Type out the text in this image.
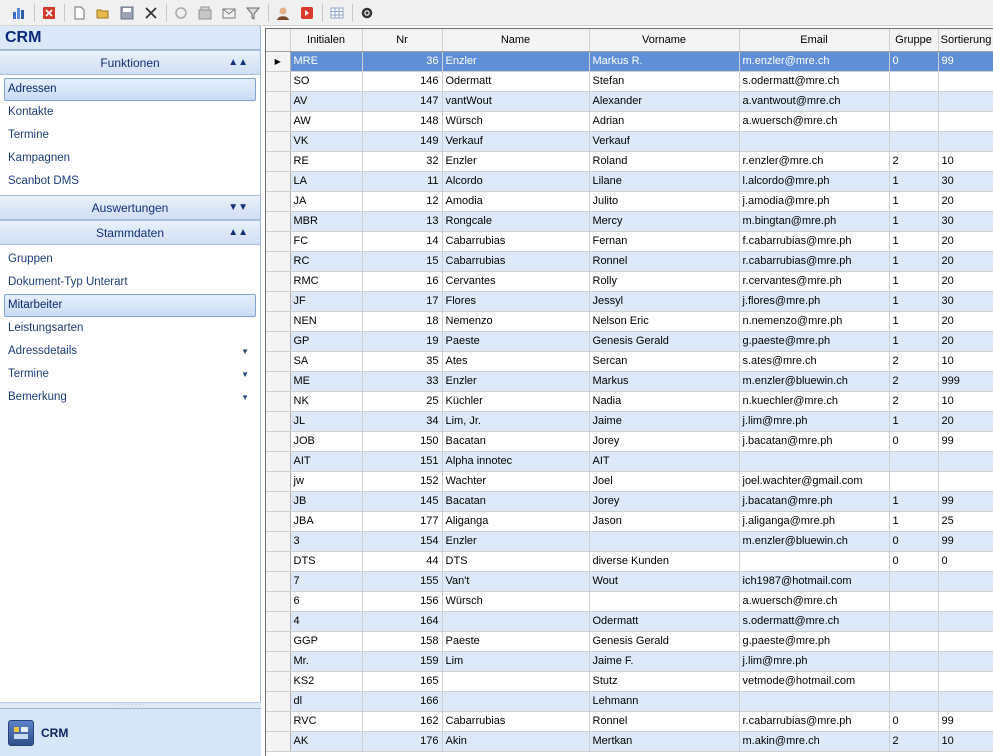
CRM
Funktionen	▲▲
Adressen
Kontakte
Termine
Kampagnen
Scanbot DMS
Auswertungen	▼▼
Stammdaten	▲▲
Gruppen
Dokument-Typ Unterart
Mitarbeiter
Leistungsarten
Adressdetails	▼
Termine	▼
Bemerkung	▼
· · · · · · · ·
CRM
	Initialen	Nr	Name	Vorname	Email	Gruppe	Sortierung
▶	MRE	36	Enzler	Markus R.	m.enzler@mre.ch	0	99
	SO	146	Odermatt	Stefan	s.odermatt@mre.ch		
	AV	147	vantWout	Alexander	a.vantwout@mre.ch		
	AW	148	Würsch	Adrian	a.wuersch@mre.ch		
	VK	149	Verkauf	Verkauf			
	RE	32	Enzler	Roland	r.enzler@mre.ch	2	10
	LA	11	Alcordo	Lilane	l.alcordo@mre.ph	1	30
	JA	12	Amodia	Julito	j.amodia@mre.ph	1	20
	MBR	13	Rongcale	Mercy	m.bingtan@mre.ph	1	30
	FC	14	Cabarrubias	Fernan	f.cabarrubias@mre.ph	1	20
	RC	15	Cabarrubias	Ronnel	r.cabarrubias@mre.ph	1	20
	RMC	16	Cervantes	Rolly	r.cervantes@mre.ph	1	20
	JF	17	Flores	Jessyl	j.flores@mre.ph	1	30
	NEN	18	Nemenzo	Nelson Eric	n.nemenzo@mre.ph	1	20
	GP	19	Paeste	Genesis Gerald	g.paeste@mre.ph	1	20
	SA	35	Ates	Sercan	s.ates@mre.ch	2	10
	ME	33	Enzler	Markus	m.enzler@bluewin.ch	2	999
	NK	25	Küchler	Nadia	n.kuechler@mre.ch	2	10
	JL	34	Lim, Jr.	Jaime	j.lim@mre.ph	1	20
	JOB	150	Bacatan	Jorey	j.bacatan@mre.ph	0	99
	AIT	151	Alpha innotec	AIT			
	jw	152	Wachter	Joel	joel.wachter@gmail.com		
	JB	145	Bacatan	Jorey	j.bacatan@mre.ph	1	99
	JBA	177	Aliganga	Jason	j.aliganga@mre.ph	1	25
	3	154	Enzler		m.enzler@bluewin.ch	0	99
	DTS	44	DTS	diverse Kunden		0	0
	7	155	Van't	Wout	ich1987@hotmail.com		
	6	156	Würsch		a.wuersch@mre.ch		
	4	164		Odermatt	s.odermatt@mre.ch		
	GGP	158	Paeste	Genesis Gerald	g.paeste@mre.ph		
	Mr.	159	Lim	Jaime F.	j.lim@mre.ph		
	KS2	165		Stutz	vetmode@hotmail.com		
	dl	166		Lehmann			
	RVC	162	Cabarrubias	Ronnel	r.cabarrubias@mre.ph	0	99
	AK	176	Akin	Mertkan	m.akin@mre.ch	2	10
